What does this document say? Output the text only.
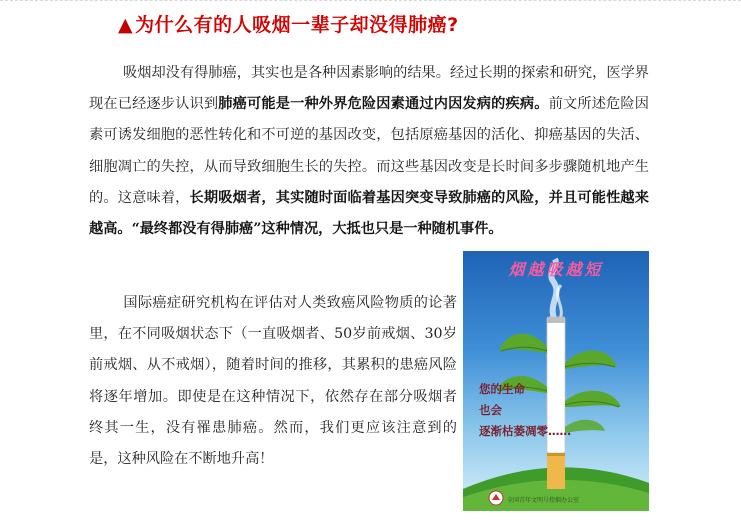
▲ 为什么有的人吸烟一辈子却没得肺癌?
吸烟却没有得肺癌，其实也是各种因素影响的结果。经过长期的探索和研究，医学界现在已经逐步认识到肺癌可能是一种外界危险因素通过内因发病的疾病。前文所述危险因素可诱发细胞的恶性转化和不可逆的基因改变，包括原癌基因的活化、抑癌基因的失活、细胞凋亡的失控，从而导致细胞生长的失控。而这些基因改变是长时间多步骤随机地产生的。这意味着，长期吸烟者，其实随时面临着基因突变导致肺癌的风险，并且可能性越来越高。“最终都没有得肺癌”这种情况，大抵也只是一种随机事件。
国际癌症研究机构在评估对人类致癌风险物质的论著里，在不同吸烟状态下（一直吸烟者、50岁前戒烟、30岁前戒烟、从不戒烟），随着时间的推移，其累积的患癌风险将逐年增加。即使是在这种情况下，依然存在部分吸烟者终其一生，没有罹患肺癌。然而，我们更应该注意到的是，这种风险在不断地升高！
烟越吸越短
您的生命
也会
逐渐枯萎凋零……
全国青年文明号控烟办公室
